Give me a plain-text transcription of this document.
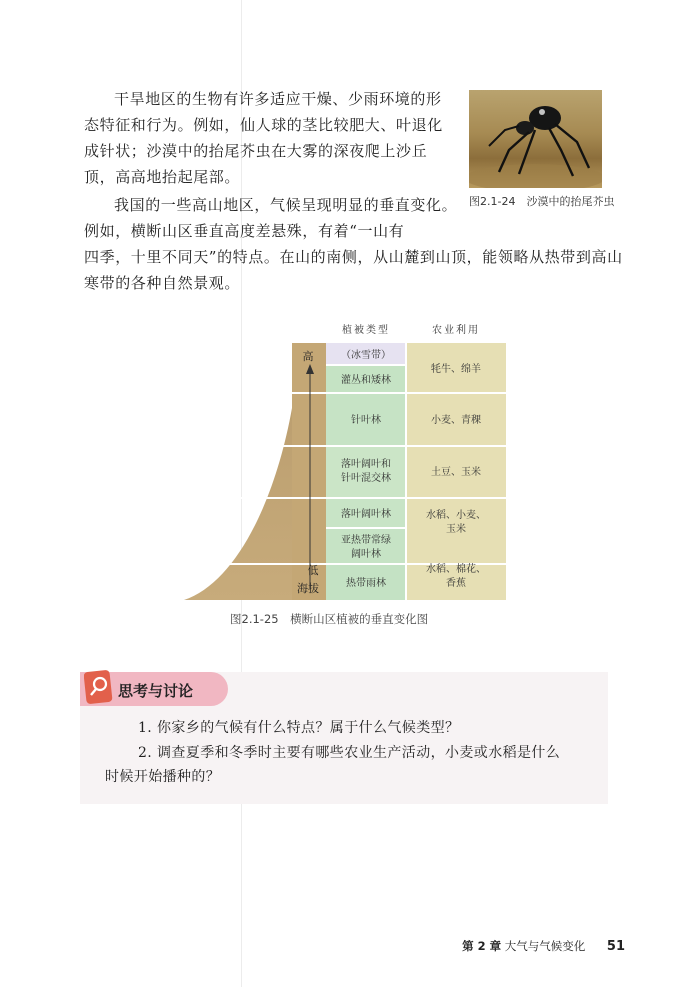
干旱地区的生物有许多适应干燥、少雨环境的形态特征和行为。例如，仙人球的茎比较肥大、叶退化成针状；沙漠中的抬尾芥虫在大雾的深夜爬上沙丘顶，高高地抬起尾部。

图2.1-24　沙漠中的抬尾芥虫

我国的一些高山地区，气候呈现明显的垂直变化。例如，横断山区垂直高度差悬殊，有着“一山有

四季，十里不同天”的特点。在山的南侧，从山麓到山顶，能领略从热带到高山寒带的各种自然景观。

高
低
海拔
植被类型	农业利用
（冰雪带）
灌丛和矮林
针叶林
落叶阔叶和
针叶混交林
落叶阔叶林
亚热带常绿
阔叶林
热带雨林
牦牛、绵羊
小麦、青稞
土豆、玉米
水稻、小麦、
玉米
水稻、棉花、
香蕉
图2.1-25　横断山区植被的垂直变化图
思考与讨论

1. 你家乡的气候有什么特点？属于什么气候类型？

2. 调查夏季和冬季时主要有哪些农业生产活动，小麦或水稻是什么

时候开始播种的？

第 2 章 大气与气候变化 51
